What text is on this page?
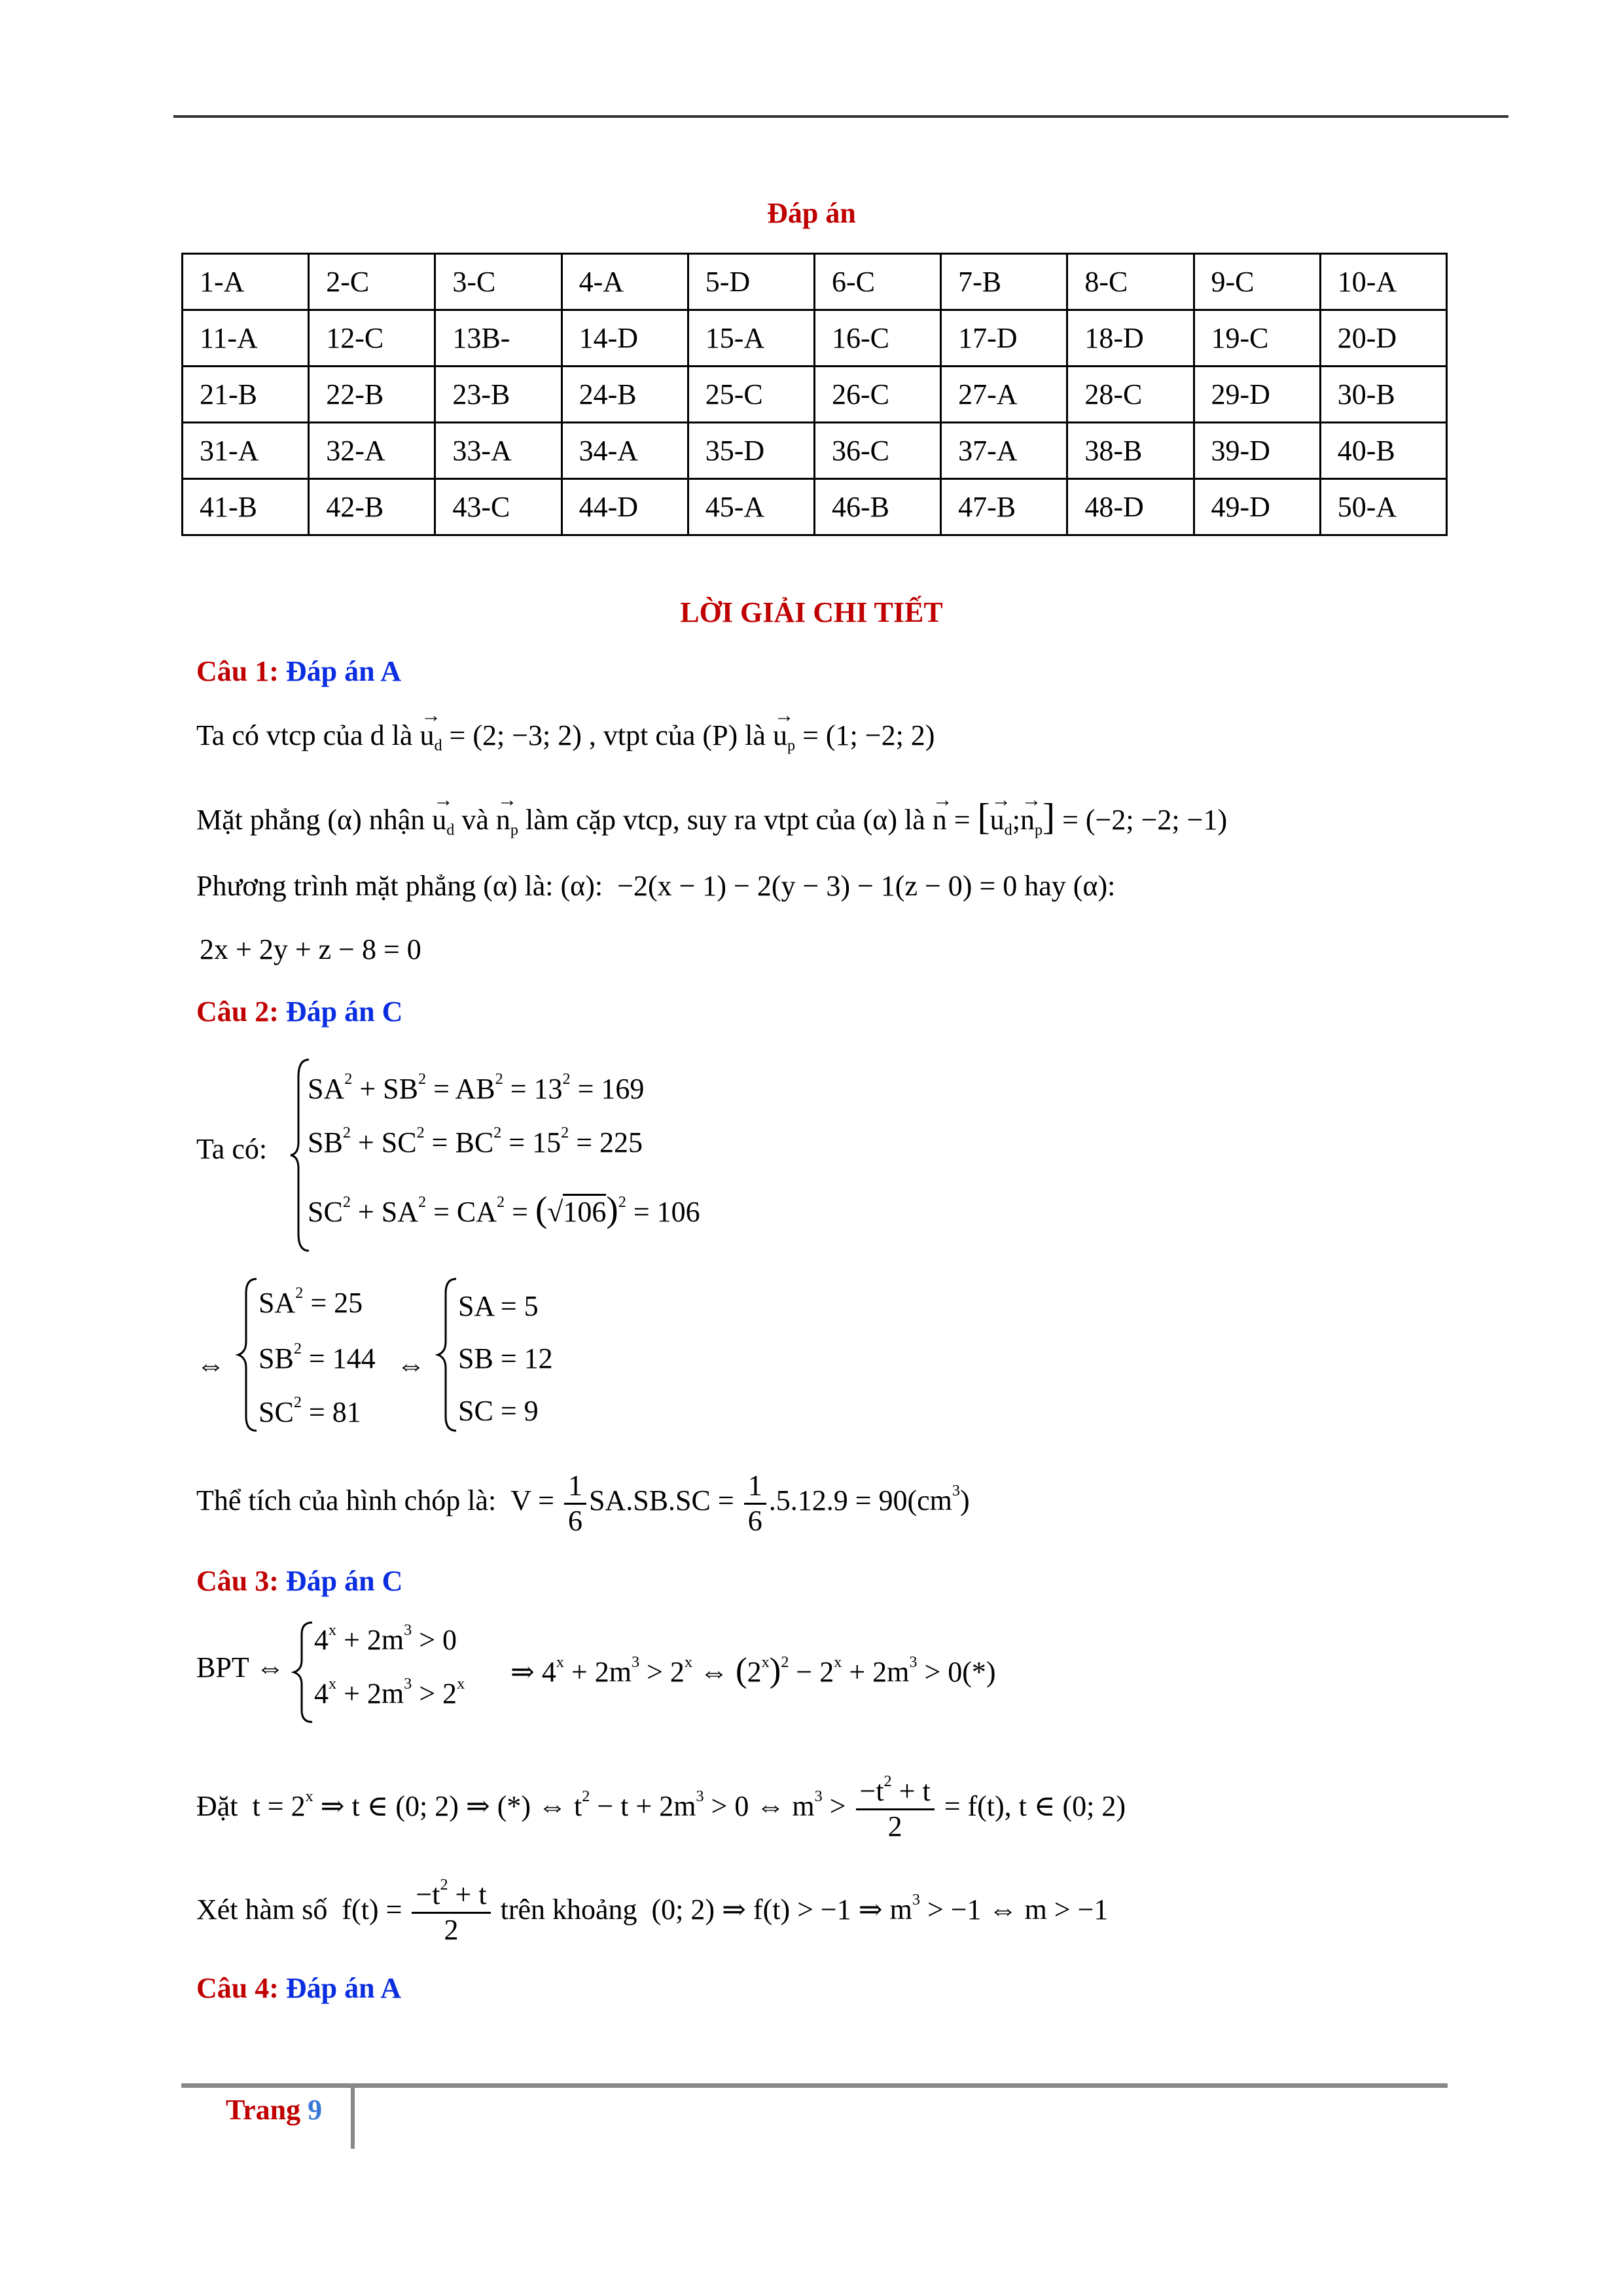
Đáp án
1-A	2-C	3-C	4-A	5-D	6-C	7-B	8-C	9-C	10-A
11-A	12-C	13B-	14-D	15-A	16-C	17-D	18-D	19-C	20-D
21-B	22-B	23-B	24-B	25-C	26-C	27-A	28-C	29-D	30-B
31-A	32-A	33-A	34-A	35-D	36-C	37-A	38-B	39-D	40-B
41-B	42-B	43-C	44-D	45-A	46-B	47-B	48-D	49-D	50-A
LỜI GIẢI CHI TIẾT
Câu 1: Đáp án A
Ta có vtcp của d là → $u_d = (2$; −3; 2) , vtpt của (P) là → $u_p = (1$; −2; 2)
Mặt phẳng (α) nhận → $u_d$ và → $n_p$ làm cặp vtcp, suy ra vtpt của (α) là → n = [→ $u_d;\to n_p] = (-2$; −2; −1)
Phương trình mặt phẳng (α) là: (α):  −2(x − 1) − 2(y − 3) − 1(z − 0) = 0 hay (α):
2x + 2y + z − 8 = 0
Câu 2: Đáp án C
Ta có:
$SA^2 + SB^2 = AB^2 = 13^2 = 169$
$SB^2 + SC^2 = BC^2 = 15^2 = 225$
$SC^2 + SA^2 = CA^2 = (√106)^2 = 106$
⇔
$SA^2 = 25$
$SB^2 = 144$
$SC^2 = 81$
⇔
SA = 5
SB = 12
SC = 9
Thể tích của hình chóp là:  $V = \frac{1}{6} SA.SB.SC = \frac{1}{6} .5.12.9 = 90(cm^3)$
Câu 3: Đáp án C
BPT ⇔
$4^x + 2m^3 > 0$
$4^x + 2m^3 > 2^x$ ⇒ $4^x + 2m^3 > 2^x$ ⇔ $(2^x)^2 - 2^x + 2m^3 > 0(*)$
Đặt  $t = 2^x$ ⇒ t ∈ (0; 2) ⇒ (*) ⇔ $t^2 - t + 2m^3 > 0$ ⇔ $m^3 > \frac{-t^2 + t}{2} = f(t)$, t ∈ (0; 2)
Xét hàm số  $f(t) = \frac{-t^2 + t}{2}$ trên khoảng  (0; 2) ⇒ f(t) > −1 ⇒ $m^3 > -1$ ⇔ m > −1
Câu 4: Đáp án A
Trang 9
